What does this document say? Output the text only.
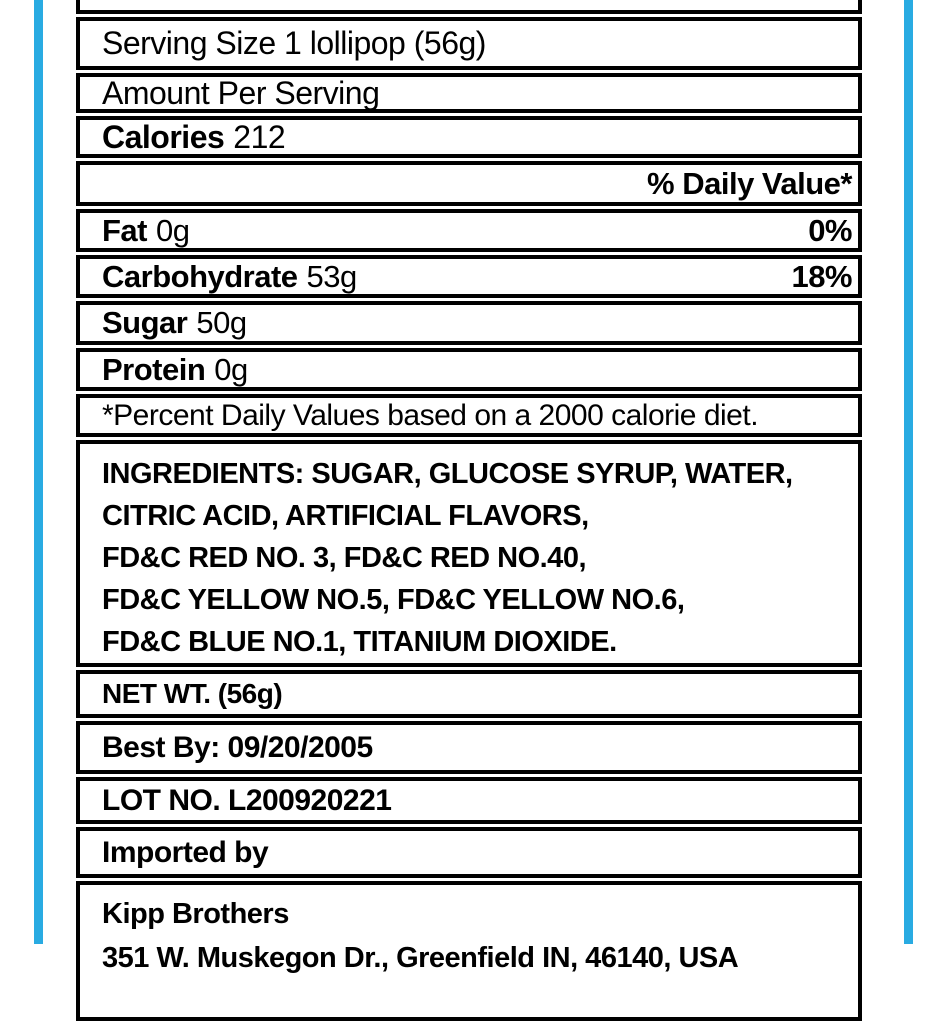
Serving Size 1 lollipop (56g)
Amount Per Serving
Calories 212
% Daily Value*
Fat 0g	0%
Carbohydrate 53g	18%
Sugar 50g
Protein 0g
*Percent Daily Values based on a 2000 calorie diet.
INGREDIENTS: SUGAR, GLUCOSE SYRUP, WATER,
CITRIC ACID, ARTIFICIAL FLAVORS,
FD&C RED NO. 3, FD&C RED NO.40,
FD&C YELLOW NO.5, FD&C YELLOW NO.6,
FD&C BLUE NO.1, TITANIUM DIOXIDE.
NET WT. (56g)
Best By: 09/20/2005
LOT NO. L200920221
Imported by
Kipp Brothers
351 W. Muskegon Dr., Greenfield IN, 46140, USA
